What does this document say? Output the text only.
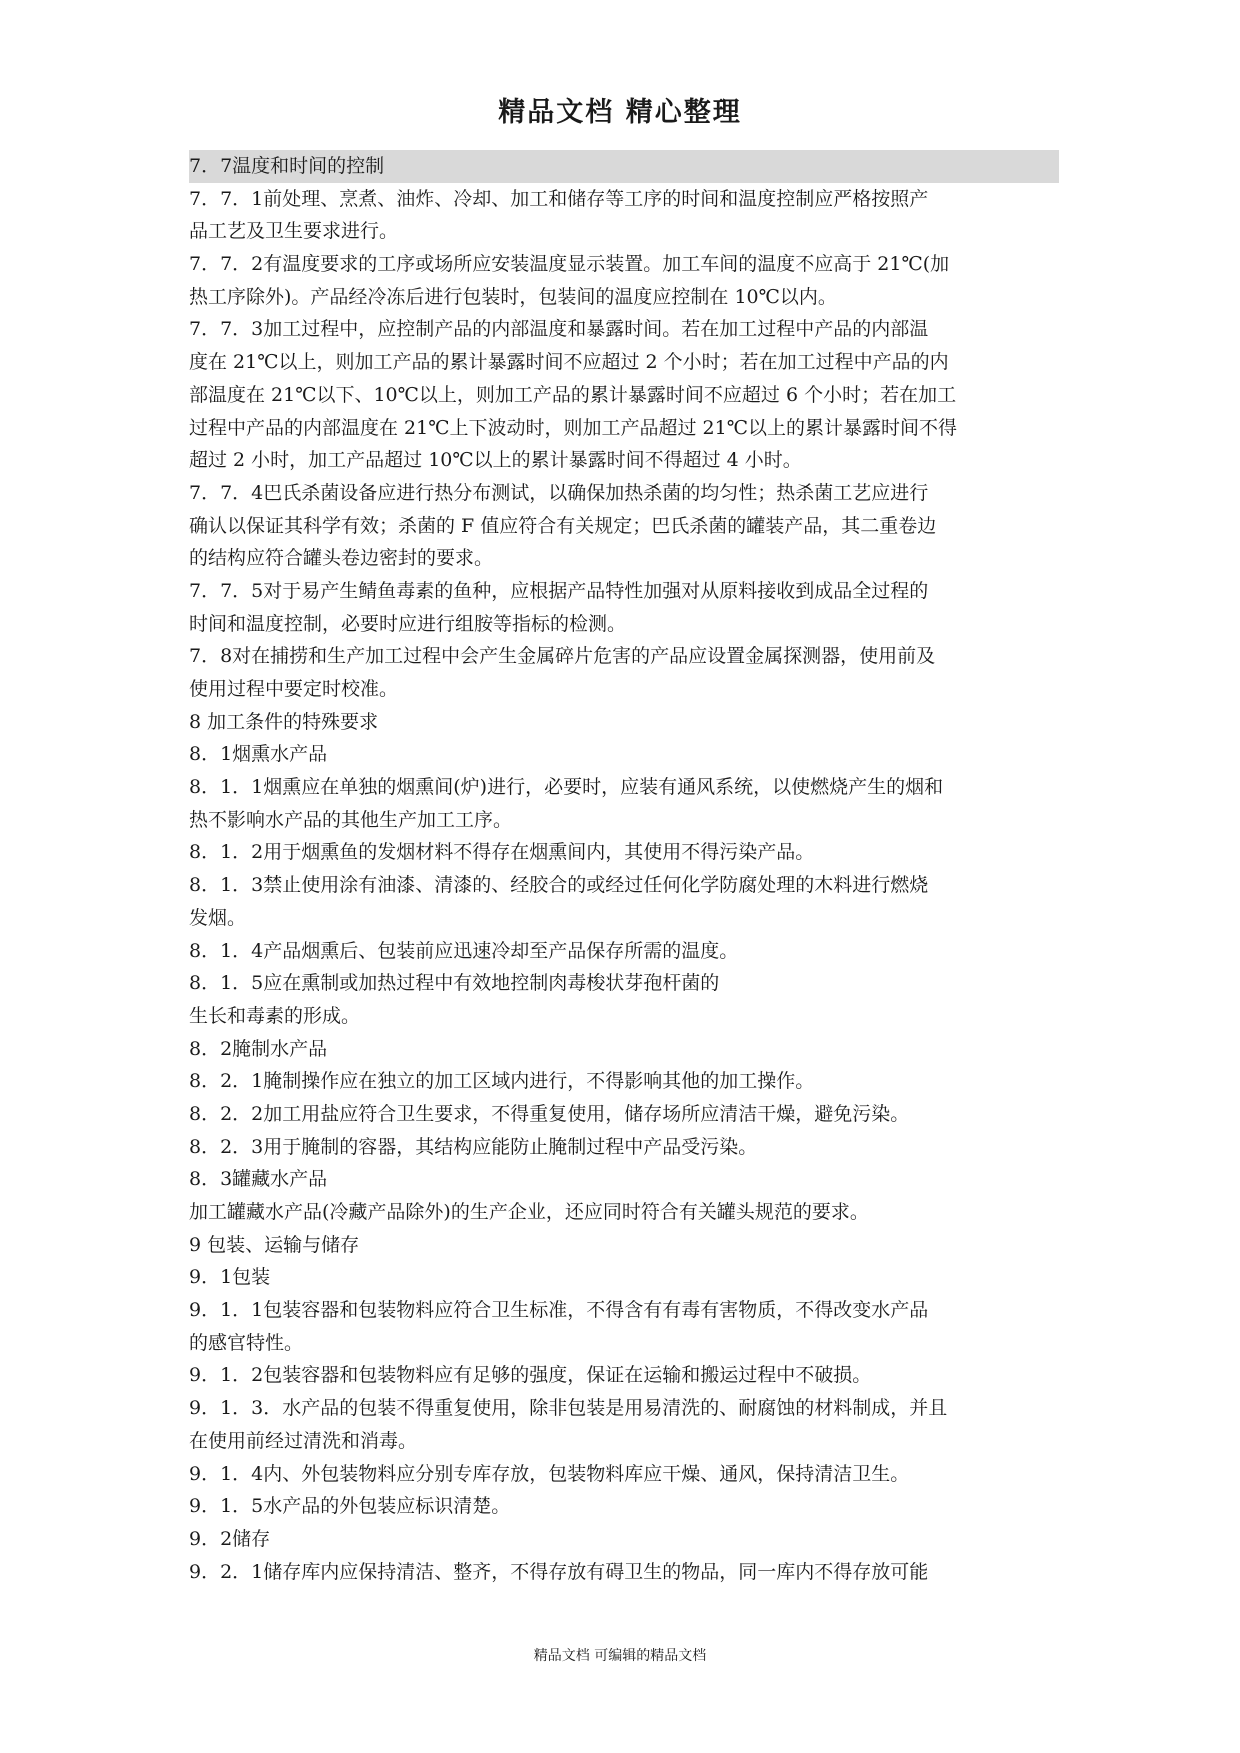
精品文档 精心整理
7．7温度和时间的控制
7．7．1前处理、烹煮、油炸、冷却、加工和储存等工序的时间和温度控制应严格按照产
品工艺及卫生要求进行。
7．7．2有温度要求的工序或场所应安装温度显示装置。加工车间的温度不应高于 21℃(加
热工序除外)。产品经冷冻后进行包装时，包装间的温度应控制在 10℃以内。
7．7．3加工过程中，应控制产品的内部温度和暴露时间。若在加工过程中产品的内部温
度在 21℃以上，则加工产品的累计暴露时间不应超过 2 个小时；若在加工过程中产品的内
部温度在 21℃以下、10℃以上，则加工产品的累计暴露时间不应超过 6 个小时；若在加工
过程中产品的内部温度在 21℃上下波动时，则加工产品超过 21℃以上的累计暴露时间不得
超过 2 小时，加工产品超过 10℃以上的累计暴露时间不得超过 4 小时。
7．7．4巴氏杀菌设备应进行热分布测试，以确保加热杀菌的均匀性；热杀菌工艺应进行
确认以保证其科学有效；杀菌的 F 值应符合有关规定；巴氏杀菌的罐装产品，其二重卷边
的结构应符合罐头卷边密封的要求。
7．7．5对于易产生鲭鱼毒素的鱼种，应根据产品特性加强对从原料接收到成品全过程的
时间和温度控制，必要时应进行组胺等指标的检测。
7．8对在捕捞和生产加工过程中会产生金属碎片危害的产品应设置金属探测器，使用前及
使用过程中要定时校准。
8 加工条件的特殊要求
8．1烟熏水产品
8．1．1烟熏应在单独的烟熏间(炉)进行，必要时，应装有通风系统，以使燃烧产生的烟和
热不影响水产品的其他生产加工工序。
8．1．2用于烟熏鱼的发烟材料不得存在烟熏间内，其使用不得污染产品。
8．1．3禁止使用涂有油漆、清漆的、经胶合的或经过任何化学防腐处理的木料进行燃烧
发烟。
8．1．4产品烟熏后、包装前应迅速冷却至产品保存所需的温度。
8．1．5应在熏制或加热过程中有效地控制肉毒梭状芽孢杆菌的
生长和毒素的形成。
8．2腌制水产品
8．2．1腌制操作应在独立的加工区域内进行，不得影响其他的加工操作。
8．2．2加工用盐应符合卫生要求，不得重复使用，储存场所应清洁干燥，避免污染。
8．2．3用于腌制的容器，其结构应能防止腌制过程中产品受污染。
8．3罐藏水产品
加工罐藏水产品(冷藏产品除外)的生产企业，还应同时符合有关罐头规范的要求。
9 包装、运输与储存
9．1包装
9．1．1包装容器和包装物料应符合卫生标准，不得含有有毒有害物质，不得改变水产品
的感官特性。
9．1．2包装容器和包装物料应有足够的强度，保证在运输和搬运过程中不破损。
9．1．3．水产品的包装不得重复使用，除非包装是用易清洗的、耐腐蚀的材料制成，并且
在使用前经过清洗和消毒。
9．1．4内、外包装物料应分别专库存放，包装物料库应干燥、通风，保持清洁卫生。
9．1．5水产品的外包装应标识清楚。
9．2储存
9．2．1储存库内应保持清洁、整齐，不得存放有碍卫生的物品，同一库内不得存放可能
精品文档 可编辑的精品文档
